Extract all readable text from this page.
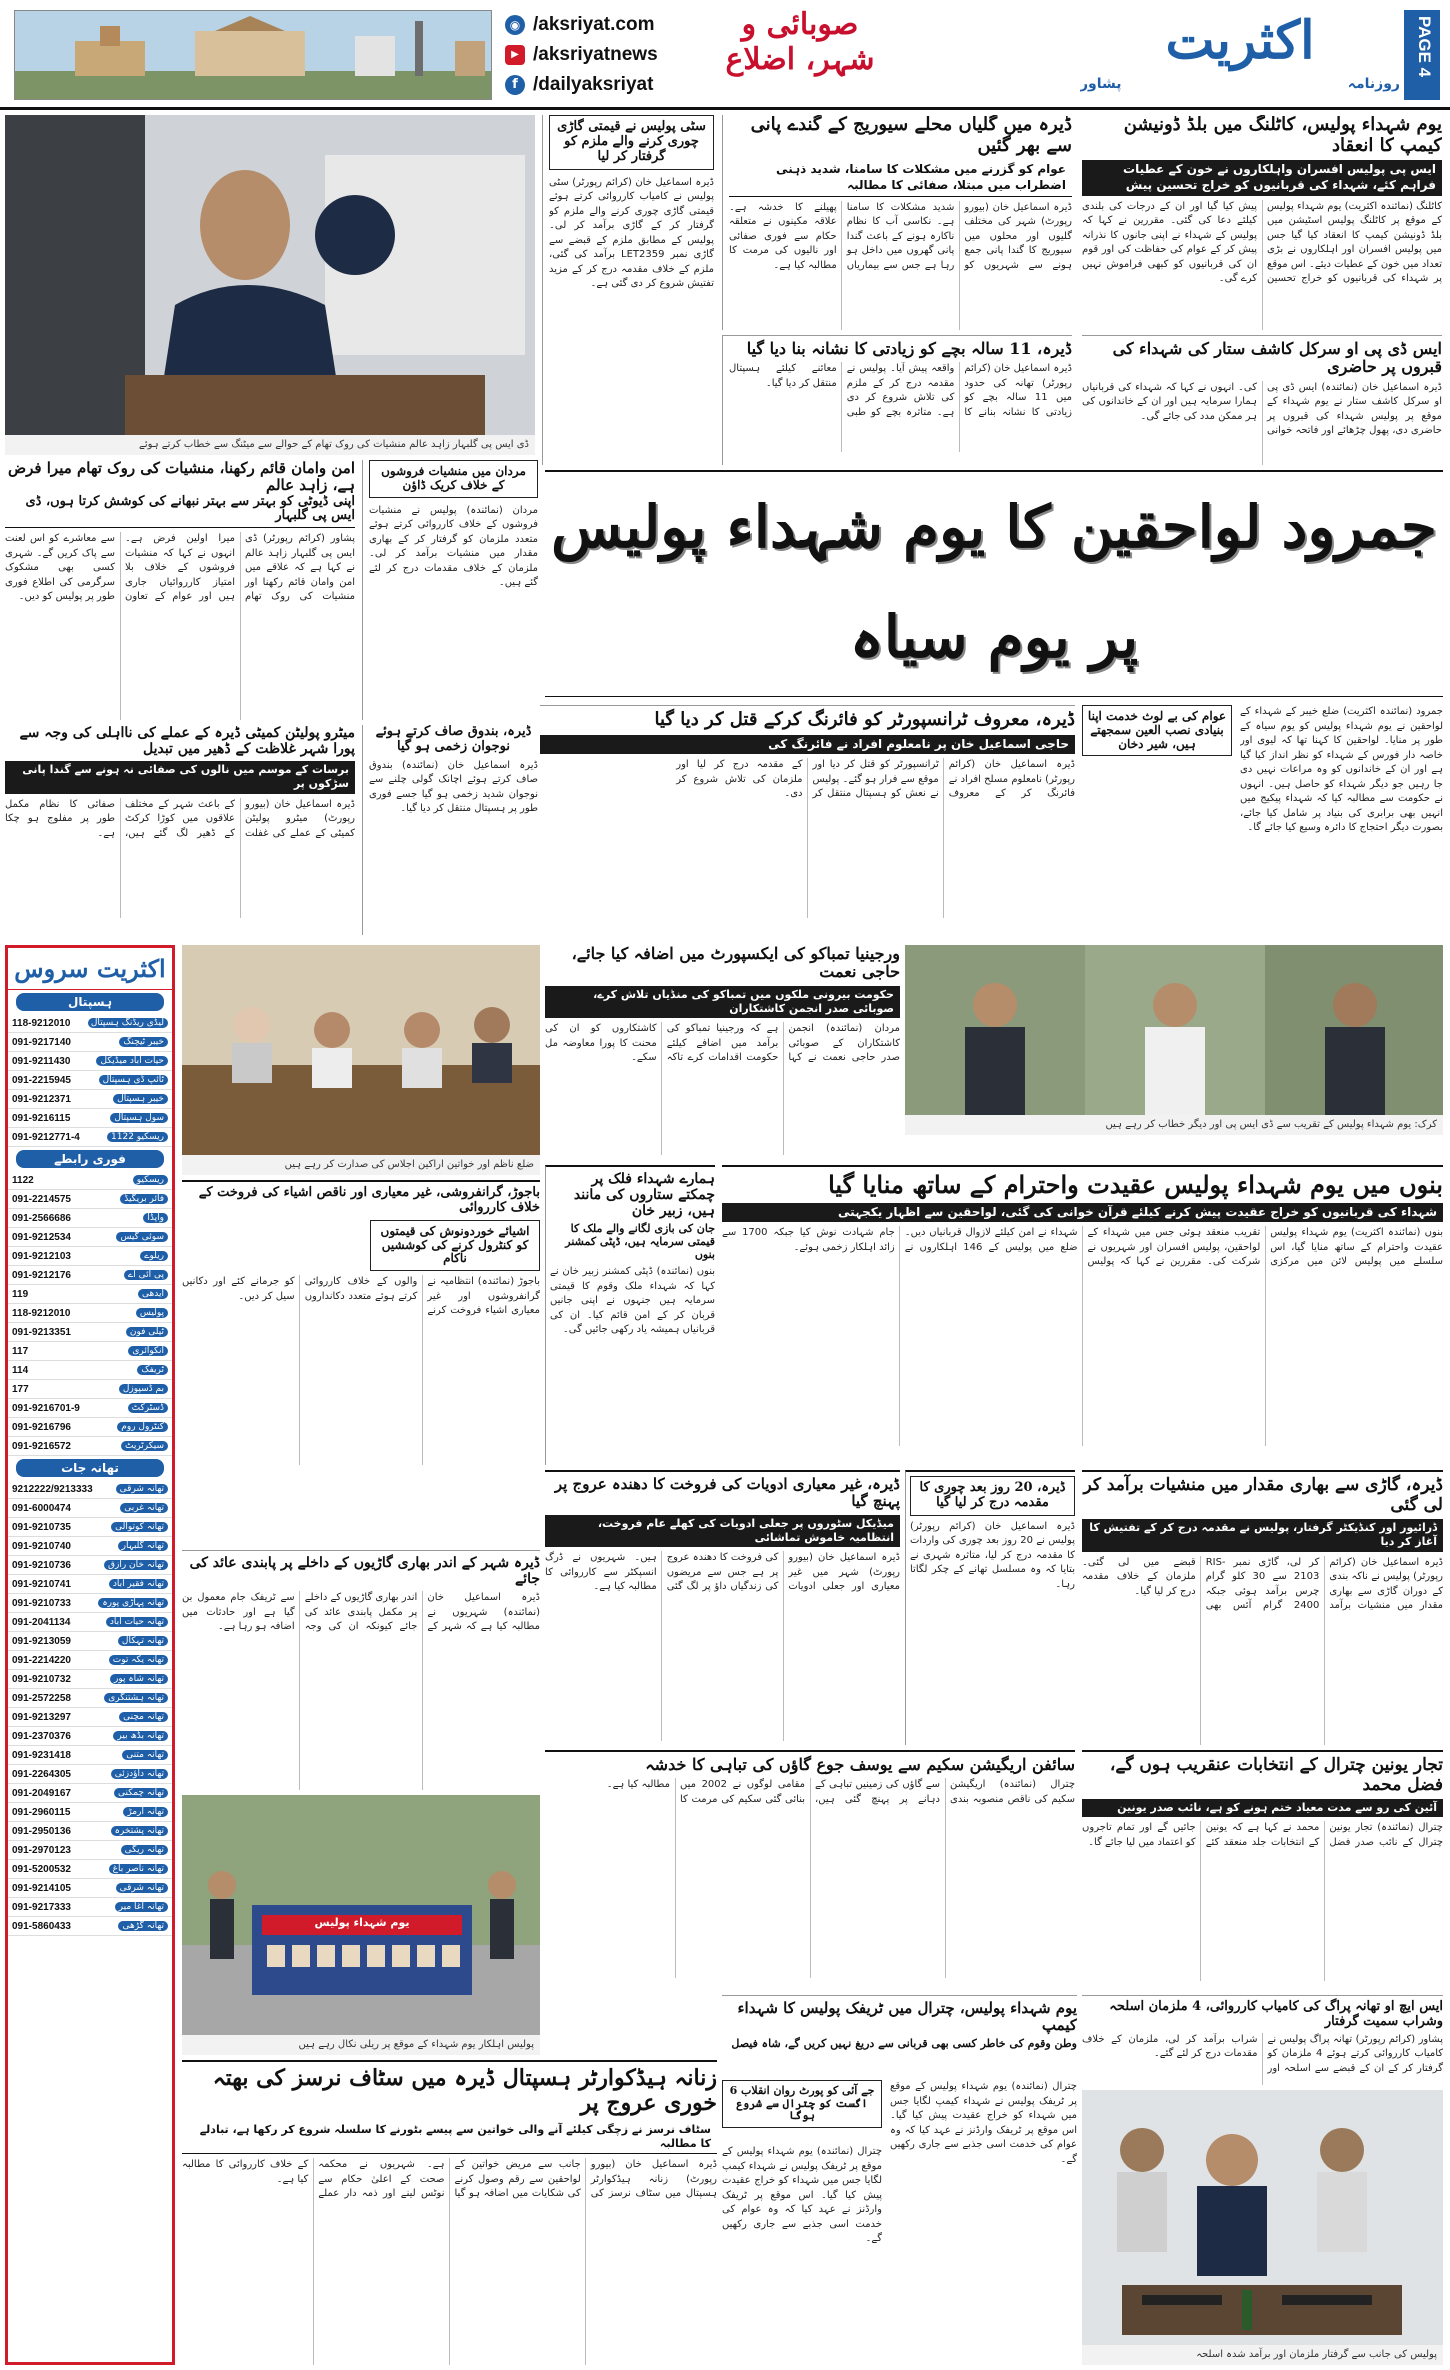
◉ /aksriyat.com
▶ /aksriyatnews
f /dailyaksriyat
صوبائی و
شہر، اضلاع	اکثریت
روزنامہ
پشاور
PAGE 4
یوم شہداء پولیس، کاٹلنگ میں بلڈ ڈونیشن کیمپ کا انعقاد
ایس پی پولیس افسران واہلکاروں نے خون کے عطیات فراہم کئے، شہداء کی قربانیوں کو خراج تحسین پیش
کاٹلنگ (نمائندہ اکثریت) یوم شہداء پولیس کے موقع پر کاٹلنگ پولیس اسٹیشن میں بلڈ ڈونیشن کیمپ کا انعقاد کیا گیا جس میں پولیس افسران اور اہلکاروں نے بڑی تعداد میں خون کے عطیات دیئے۔ اس موقع پر شہداء کی قربانیوں کو خراج تحسین پیش کیا گیا اور ان کے درجات کی بلندی کیلئے دعا کی گئی۔ مقررین نے کہا کہ پولیس کے شہداء نے اپنی جانوں کا نذرانہ پیش کر کے عوام کی حفاظت کی اور قوم ان کی قربانیوں کو کبھی فراموش نہیں کرے گی۔
ڈیرہ میں گلیاں محلے سیوریج کے گندے پانی سے بھر گئیں
عوام کو گزرنے میں مشکلات کا سامنا، شدید ذہنی اضطراب میں مبتلا، صفائی کا مطالبہ
ڈیرہ اسماعیل خان (بیورو رپورٹ) شہر کی مختلف گلیوں اور محلوں میں سیوریج کا گندا پانی جمع ہونے سے شہریوں کو شدید مشکلات کا سامنا ہے۔ نکاسی آب کا نظام ناکارہ ہونے کے باعث گندا پانی گھروں میں داخل ہو رہا ہے جس سے بیماریاں پھیلنے کا خدشہ ہے۔ علاقہ مکینوں نے متعلقہ حکام سے فوری صفائی اور نالیوں کی مرمت کا مطالبہ کیا ہے۔
سٹی پولیس نے قیمتی گاڑی چوری کرنے والے ملزم کو گرفتار کر لیا
ڈیرہ اسماعیل خان (کرائم رپورٹر) سٹی پولیس نے کامیاب کارروائی کرتے ہوئے قیمتی گاڑی چوری کرنے والے ملزم کو گرفتار کر کے گاڑی برآمد کر لی۔ پولیس کے مطابق ملزم کے قبضے سے گاڑی نمبر LET2359 برآمد کی گئی، ملزم کے خلاف مقدمہ درج کر کے مزید تفتیش شروع کر دی گئی ہے۔
ڈی ایس پی گلبہار زاہد عالم منشیات کی روک تھام کے حوالے سے میٹنگ سے خطاب کرتے ہوئے
ایس ڈی پی او سرکل کاشف ستار کی شہداء کی قبروں پر حاضری
ڈیرہ اسماعیل خان (نمائندہ) ایس ڈی پی او سرکل کاشف ستار نے یوم شہداء کے موقع پر پولیس شہداء کی قبروں پر حاضری دی، پھول چڑھائے اور فاتحہ خوانی کی۔ انہوں نے کہا کہ شہداء کی قربانیاں ہمارا سرمایہ ہیں اور ان کے خاندانوں کی ہر ممکن مدد کی جائے گی۔
ڈیرہ، 11 سالہ بچے کو زیادتی کا نشانہ بنا دیا گیا
ڈیرہ اسماعیل خان (کرائم رپورٹر) تھانہ کی حدود میں 11 سالہ بچے کو زیادتی کا نشانہ بنانے کا واقعہ پیش آیا۔ پولیس نے مقدمہ درج کر کے ملزم کی تلاش شروع کر دی ہے۔ متاثرہ بچے کو طبی معائنے کیلئے ہسپتال منتقل کر دیا گیا۔
جمرود لواحقین کا یوم شہداء پولیس پر یوم سیاہ
امن وامان قائم رکھنا، منشیات کی روک تھام میرا فرض ہے، زاہد عالم
اپنی ڈیوٹی کو بہتر سے بہتر نبھانے کی کوشش کرتا ہوں، ڈی ایس پی گلبہار
پشاور (کرائم رپورٹر) ڈی ایس پی گلبہار زاہد عالم نے کہا ہے کہ علاقے میں امن وامان قائم رکھنا اور منشیات کی روک تھام میرا اولین فرض ہے۔ انہوں نے کہا کہ منشیات فروشوں کے خلاف بلا امتیاز کارروائیاں جاری ہیں اور عوام کے تعاون سے معاشرے کو اس لعنت سے پاک کریں گے۔ شہری کسی بھی مشکوک سرگرمی کی اطلاع فوری طور پر پولیس کو دیں۔
مردان میں منشیات فروشوں کے خلاف کریک ڈاؤن
مردان (نمائندہ) پولیس نے منشیات فروشوں کے خلاف کارروائی کرتے ہوئے متعدد ملزمان کو گرفتار کر کے بھاری مقدار میں منشیات برآمد کر لی۔ ملزمان کے خلاف مقدمات درج کر لئے گئے ہیں۔
عوام کی بے لوث خدمت اپنا بنیادی نصب العین سمجھتے ہیں، شیر دخان
ڈیرہ، معروف ٹرانسپورٹر کو فائرنگ کرکے قتل کر دیا گیا
حاجی اسماعیل خان پر نامعلوم افراد نے فائرنگ کی
ڈیرہ اسماعیل خان (کرائم رپورٹر) نامعلوم مسلح افراد نے فائرنگ کر کے معروف ٹرانسپورٹر کو قتل کر دیا اور موقع سے فرار ہو گئے۔ پولیس نے نعش کو ہسپتال منتقل کر کے مقدمہ درج کر لیا اور ملزمان کی تلاش شروع کر دی۔
جمرود (نمائندہ اکثریت) ضلع خیبر کے شہداء کے لواحقین نے یوم شہداء پولیس کو یوم سیاہ کے طور پر منایا۔ لواحقین کا کہنا تھا کہ لیوی اور خاصہ دار فورس کے شہداء کو نظر انداز کیا گیا ہے اور ان کے خاندانوں کو وہ مراعات نہیں دی جا رہیں جو دیگر شہداء کو حاصل ہیں۔ انہوں نے حکومت سے مطالبہ کیا کہ شہداء پیکیج میں انہیں بھی برابری کی بنیاد پر شامل کیا جائے، بصورت دیگر احتجاج کا دائرہ وسیع کیا جائے گا۔
ڈیرہ، بندوق صاف کرتے ہوئے نوجوان زخمی ہو گیا
ڈیرہ اسماعیل خان (نمائندہ) بندوق صاف کرتے ہوئے اچانک گولی چلنے سے نوجوان شدید زخمی ہو گیا جسے فوری طور پر ہسپتال منتقل کر دیا گیا۔
میٹرو پولیٹن کمیٹی ڈیرہ کے عملے کی نااہلی کی وجہ سے پورا شہر غلاظت کے ڈھیر میں تبدیل
برسات کے موسم میں نالوں کی صفائی نہ ہونے سے گندا پانی سڑکوں پر
ڈیرہ اسماعیل خان (بیورو رپورٹ) میٹرو پولیٹن کمیٹی کے عملے کی غفلت کے باعث شہر کے مختلف علاقوں میں کوڑا کرکٹ کے ڈھیر لگ گئے ہیں، صفائی کا نظام مکمل طور پر مفلوج ہو چکا ہے۔
اکثریت سروس
ہسپتال
118-9212010	لیڈی ریڈنگ ہسپتال
091-9217140	خیبر ٹیچنگ
091-9211430	حیات آباد میڈیکل
091-2215945	ٹائپ ڈی ہسپتال
091-9212371	خیبر ہسپتال
091-9216115	سول ہسپتال
091-9212771-4	ریسکیو 1122
فوری رابطے
1122	ریسکیو
091-2214575	فائر بریگیڈ
091-2566686	واپڈا
091-9212534	سوئی گیس
091-9212103	ریلوے
091-9212176	پی آئی اے
119	ایدھی
118-9212010	پولیس
091-9213351	ٹیلی فون
117	انکوائری
114	ٹریفک
177	بم ڈسپوزل
091-9216701-9	ڈسٹرکٹ
091-9216796	کنٹرول روم
091-9216572	سیکرٹریٹ
تھانہ جات
9212222/9213333	تھانہ شرقی
091-6000474	تھانہ غربی
091-9210735	تھانہ کوتوالی
091-9210740	تھانہ گلبہار
091-9210736	تھانہ خان رازق
091-9210741	تھانہ فقیر آباد
091-9210733	تھانہ پہاڑی پورہ
091-2041134	تھانہ حیات آباد
091-9213059	تھانہ تہکال
091-2214220	تھانہ یکہ توت
091-9210732	تھانہ شاہ پور
091-2572258	تھانہ ہشتنگری
091-9213297	تھانہ مچنی
091-2370376	تھانہ بڈھ بیر
091-9231418	تھانہ متنی
091-2264305	تھانہ داؤدزئی
091-2049167	تھانہ چمکنی
091-2960115	تھانہ ارمڑ
091-2950136	تھانہ پشتخرہ
091-2970123	تھانہ ریگی
091-5200532	تھانہ ناصر باغ
091-9214105	تھانہ شرقی
091-9217333	تھانہ آغا میر
091-5860433	تھانہ گڑھی
ضلع ناظم اور خواتین اراکین اجلاس کی صدارت کر رہے ہیں
ورجینیا تمباکو کی ایکسپورٹ میں اضافہ کیا جائے، حاجی نعمت
حکومت بیرونی ملکوں میں تمباکو کی منڈیاں تلاش کرے، صوبائی صدر انجمن کاشتکاران
مردان (نمائندہ) انجمن کاشتکاران کے صوبائی صدر حاجی نعمت نے کہا ہے کہ ورجینیا تمباکو کی برآمد میں اضافے کیلئے حکومت اقدامات کرے تاکہ کاشتکاروں کو ان کی محنت کا پورا معاوضہ مل سکے۔
کرک: یوم شہداء پولیس کے تقریب سے ڈی ایس پی اور دیگر خطاب کر رہے ہیں
بنوں میں یوم شہداء پولیس عقیدت واحترام کے ساتھ منایا گیا
شہداء کی قربانیوں کو خراج عقیدت پیش کرنے کیلئے قرآن خوانی کی گئی، لواحقین سے اظہار یکجہتی
بنوں (نمائندہ اکثریت) یوم شہداء پولیس عقیدت واحترام کے ساتھ منایا گیا، اس سلسلے میں پولیس لائن میں مرکزی تقریب منعقد ہوئی جس میں شہداء کے لواحقین، پولیس افسران اور شہریوں نے شرکت کی۔ مقررین نے کہا کہ پولیس شہداء نے امن کیلئے لازوال قربانیاں دیں۔ ضلع میں پولیس کے 146 اہلکاروں نے جام شہادت نوش کیا جبکہ 1700 سے زائد اہلکار زخمی ہوئے۔
ہمارے شہداء فلک پر چمکتے ستاروں کی مانند ہیں، زبیر خان
جان کی بازی لگانے والے ملک کا قیمتی سرمایہ ہیں، ڈپٹی کمشنر بنوں
بنوں (نمائندہ) ڈپٹی کمشنر زبیر خان نے کہا کہ شہداء ملک وقوم کا قیمتی سرمایہ ہیں جنہوں نے اپنی جانیں قربان کر کے امن قائم کیا۔ ان کی قربانیاں ہمیشہ یاد رکھی جائیں گی۔
باجوڑ، گرانفروشی، غیر معیاری اور ناقص اشیاء کی فروخت کے خلاف کارروائی
اشیائے خوردونوش کی قیمتوں کو کنٹرول کرنے کی کوششیں ناکام
باجوڑ (نمائندہ) انتظامیہ نے گرانفروشوں اور غیر معیاری اشیاء فروخت کرنے والوں کے خلاف کارروائی کرتے ہوئے متعدد دکانداروں کو جرمانے کئے اور دکانیں سیل کر دیں۔
ڈیرہ، گاڑی سے بھاری مقدار میں منشیات برآمد کر لی گئی
ڈرائیور اور کنڈیکٹر گرفتار، پولیس نے مقدمہ درج کر کے تفتیش کا آغاز کر دیا
ڈیرہ اسماعیل خان (کرائم رپورٹر) پولیس نے ناکہ بندی کے دوران گاڑی سے بھاری مقدار میں منشیات برآمد کر لی، گاڑی نمبر RIS-2103 سے 30 کلو گرام چرس برآمد ہوئی جبکہ 2400 گرام آئس بھی قبضے میں لی گئی۔ ملزمان کے خلاف مقدمہ درج کر لیا گیا۔
ڈیرہ، 20 روز بعد چوری کا مقدمہ درج کر لیا گیا
ڈیرہ اسماعیل خان (کرائم رپورٹر) پولیس نے 20 روز بعد چوری کی واردات کا مقدمہ درج کر لیا، متاثرہ شہری نے بتایا کہ وہ مسلسل تھانے کے چکر لگاتا رہا۔
ڈیرہ، غیر معیاری ادویات کی فروخت کا دھندہ عروج پر پہنچ گیا
میڈیکل سٹوروں پر جعلی ادویات کی کھلے عام فروخت، انتظامیہ خاموش تماشائی
ڈیرہ اسماعیل خان (بیورو رپورٹ) شہر میں غیر معیاری اور جعلی ادویات کی فروخت کا دھندہ عروج پر ہے جس سے مریضوں کی زندگیاں داؤ پر لگ گئی ہیں۔ شہریوں نے ڈرگ انسپکٹر سے کارروائی کا مطالبہ کیا ہے۔
ڈیرہ شہر کے اندر بھاری گاڑیوں کے داخلے پر پابندی عائد کی جائے
ڈیرہ اسماعیل خان (نمائندہ) شہریوں نے مطالبہ کیا ہے کہ شہر کے اندر بھاری گاڑیوں کے داخلے پر مکمل پابندی عائد کی جائے کیونکہ ان کی وجہ سے ٹریفک جام معمول بن گیا ہے اور حادثات میں اضافہ ہو رہا ہے۔
تجار یونین چترال کے انتخابات عنقریب ہوں گے، فضل محمد
آئین کی رو سے مدت معیاد ختم ہونے کو ہے، نائب صدر یونین
چترال (نمائندہ) تجار یونین چترال کے نائب صدر فضل محمد نے کہا ہے کہ یونین کے انتخابات جلد منعقد کئے جائیں گے اور تمام تاجروں کو اعتماد میں لیا جائے گا۔
سائفن اریگیشن سکیم سے یوسف جوع گاؤں کی تباہی کا خدشہ
چترال (نمائندہ) اریگیشن سکیم کی ناقص منصوبہ بندی سے گاؤں کی زمینیں تباہی کے دہانے پر پہنچ گئی ہیں، مقامی لوگوں نے 2002 میں بنائی گئی سکیم کی مرمت کا مطالبہ کیا ہے۔
یوم شہداء پولیس
پولیس اہلکار یوم شہداء کے موقع پر ریلی نکال رہے ہیں
ایس ایچ او تھانہ پراگ کی کامیاب کارروائی، 4 ملزمان اسلحہ وشراب سمیت گرفتار
پشاور (کرائم رپورٹر) تھانہ پراگ پولیس نے کامیاب کارروائی کرتے ہوئے 4 ملزمان کو گرفتار کر کے ان کے قبضے سے اسلحہ اور شراب برآمد کر لی، ملزمان کے خلاف مقدمات درج کر لئے گئے۔
یوم شہداء پولیس، چترال میں ٹریفک پولیس کا شہداء کیمپ
وطن وقوم کی خاطر کسی بھی قربانی سے دریغ نہیں کریں گے، شاہ فیصل
جے آئی کو پورٹ روان انقلاب 6 اگست کو چترال سے شروع ہوگا
چترال (نمائندہ) یوم شہداء پولیس کے موقع پر ٹریفک پولیس نے شہداء کیمپ لگایا جس میں شہداء کو خراج عقیدت پیش کیا گیا۔ اس موقع پر ٹریفک وارڈنز نے عہد کیا کہ وہ عوام کی خدمت اسی جذبے سے جاری رکھیں گے۔
چترال (نمائندہ) یوم شہداء پولیس کے موقع پر ٹریفک پولیس نے شہداء کیمپ لگایا جس میں شہداء کو خراج عقیدت پیش کیا گیا۔ اس موقع پر ٹریفک وارڈنز نے عہد کیا کہ وہ عوام کی خدمت اسی جذبے سے جاری رکھیں گے۔
پولیس کی جانب سے گرفتار ملزمان اور برآمد شدہ اسلحہ
زنانہ ہیڈکوارٹر ہسپتال ڈیرہ میں سٹاف نرسز کی بھتہ خوری عروج پر
سٹاف نرسز نے زچگی کیلئے آنے والی خواتین سے پیسے بٹورنے کا سلسلہ شروع کر رکھا ہے، تبادلے کا مطالبہ
ڈیرہ اسماعیل خان (بیورو رپورٹ) زنانہ ہیڈکوارٹر ہسپتال میں سٹاف نرسز کی جانب سے مریض خواتین کے لواحقین سے رقم وصول کرنے کی شکایات میں اضافہ ہو گیا ہے۔ شہریوں نے محکمہ صحت کے اعلیٰ حکام سے نوٹس لینے اور ذمہ دار عملے کے خلاف کارروائی کا مطالبہ کیا ہے۔
